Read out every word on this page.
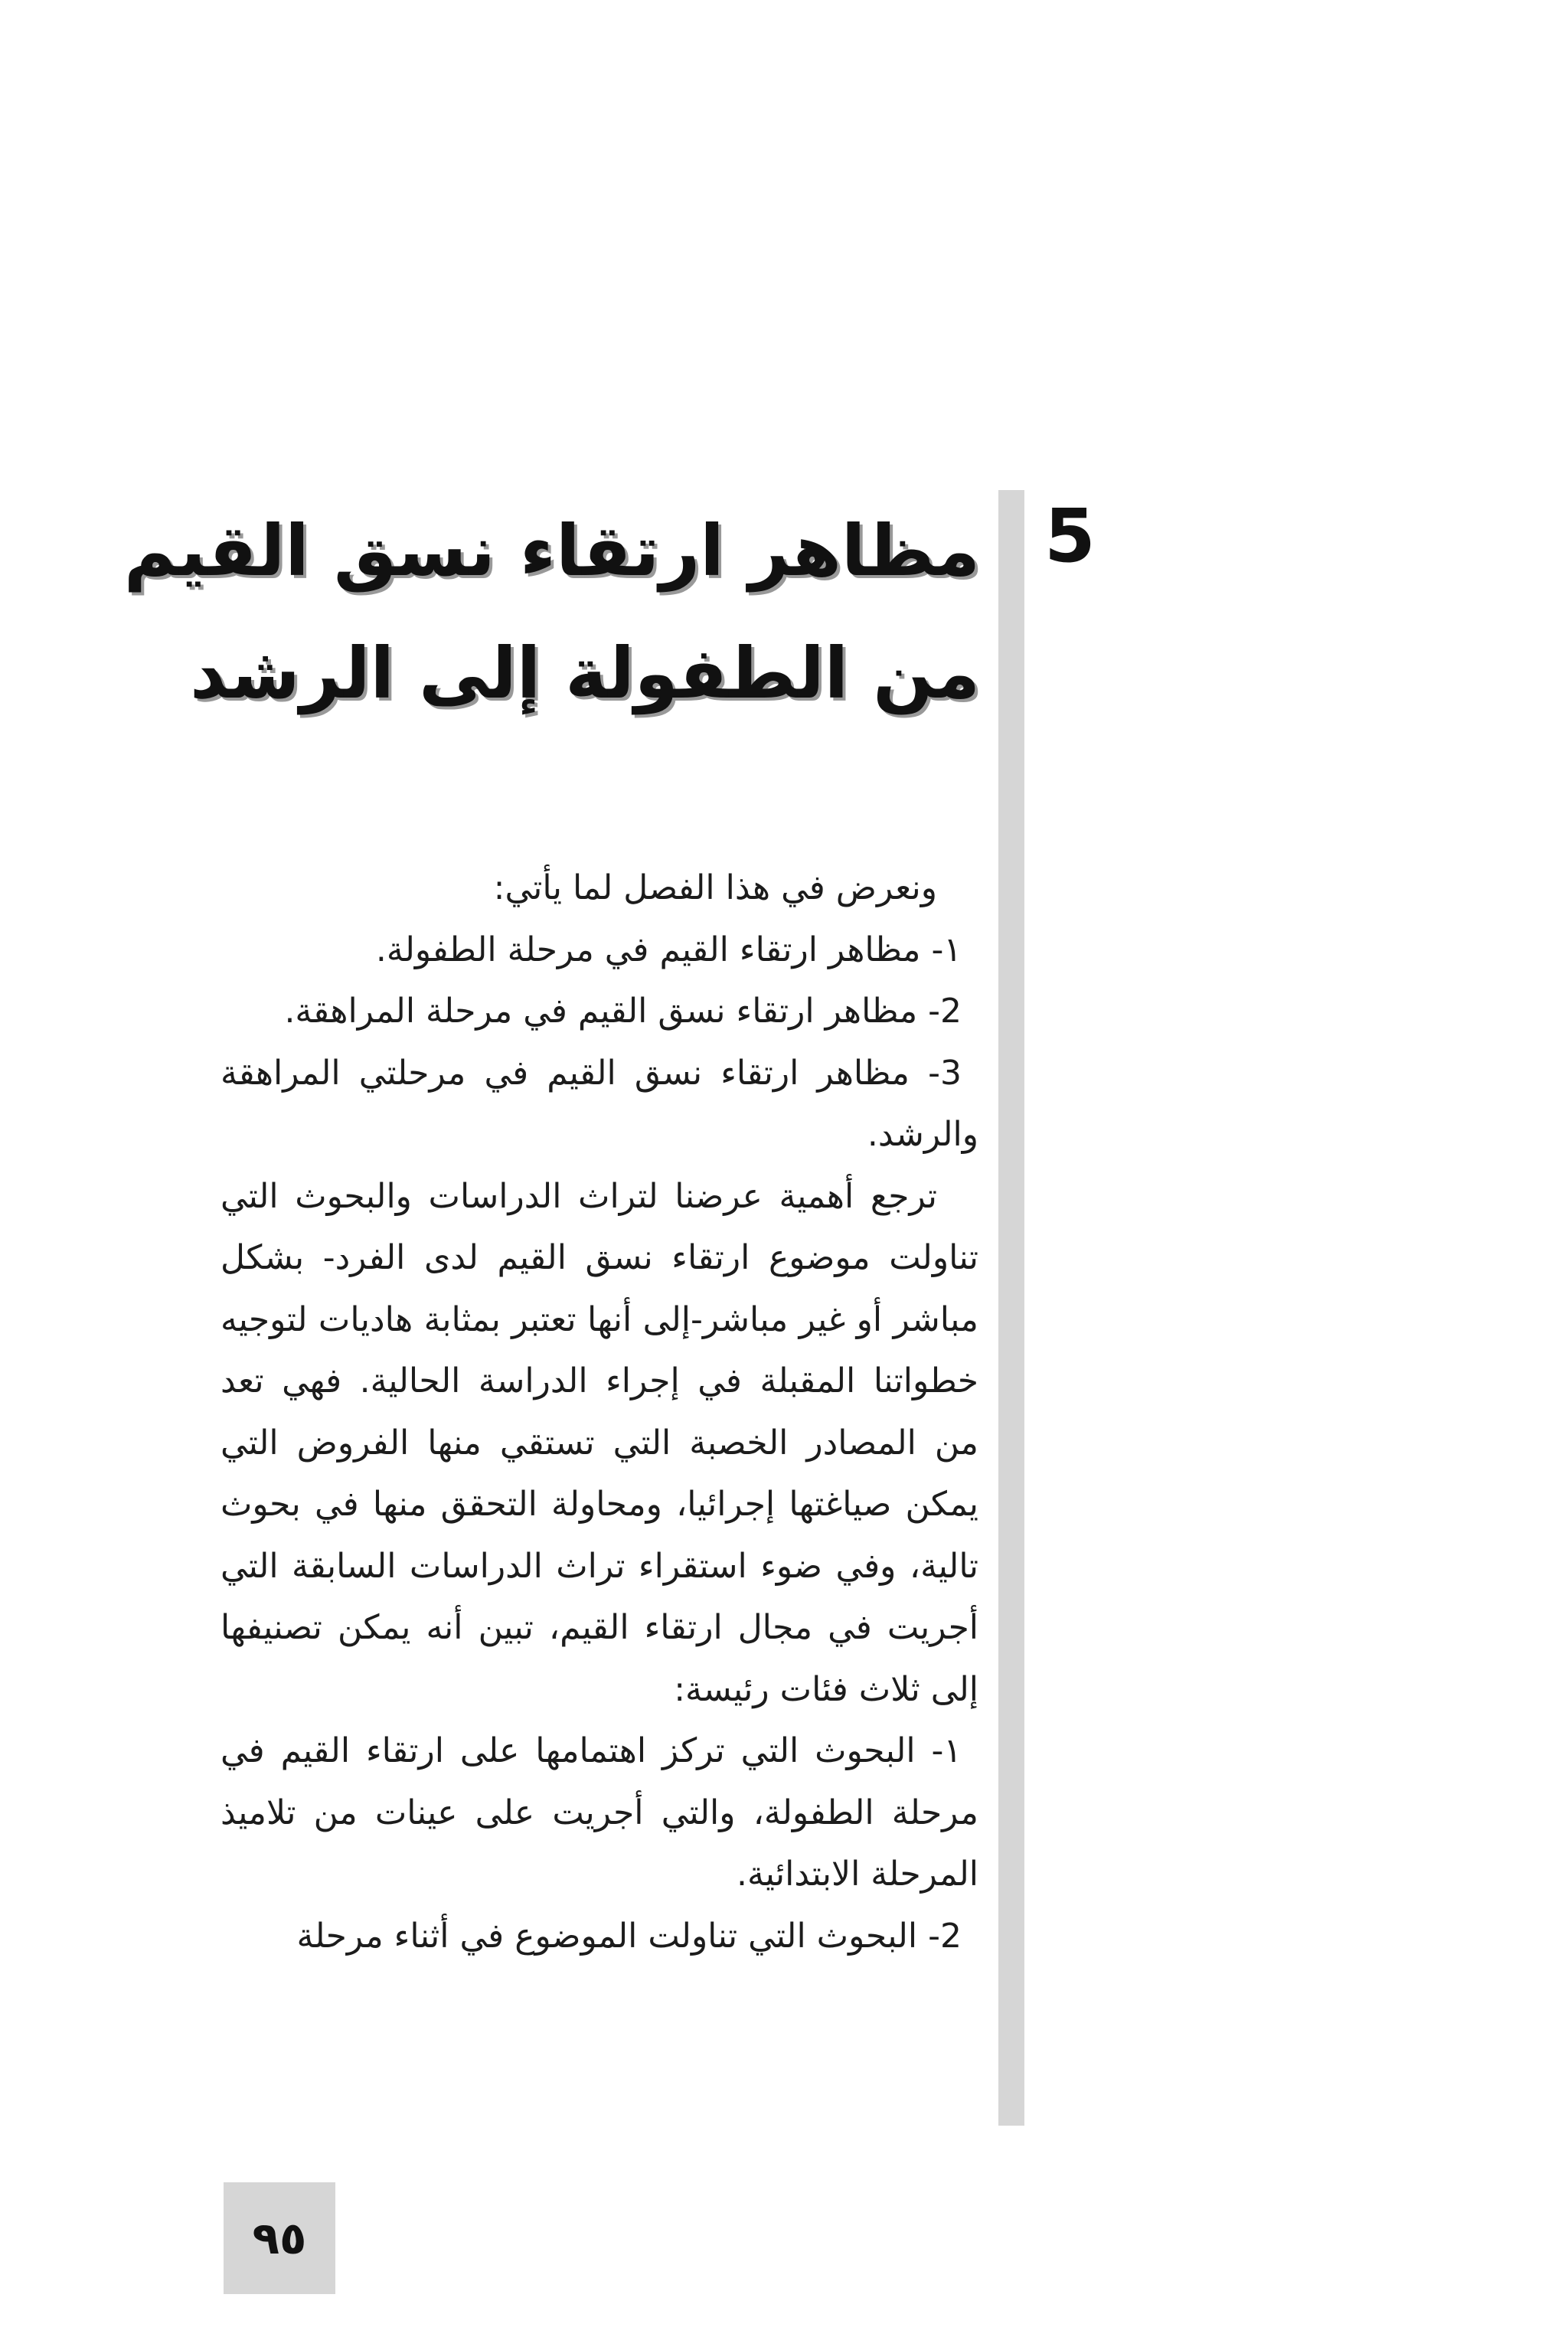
5
مظاهر ارتقاء نسق القيم
من الطفولة إلى الرشد

ونعرض في هذا الفصل لما يأتي:

١- مظاهر ارتقاء القيم في مرحلة الطفولة.

2- مظاهر ارتقاء نسق القيم في مرحلة المراهقة.

3- مظاهر ارتقاء نسق القيم في مرحلتي المراهقة والرشد.

ترجع أهمية عرضنا لتراث الدراسات والبحوث التي تناولت موضوع ارتقاء نسق القيم لدى الفرد- بشكل مباشر أو غير مباشر-إلى أنها تعتبر بمثابة هاديات لتوجيه خطواتنا المقبلة في إجراء الدراسة الحالية. فهي تعد من المصادر الخصبة التي تستقي منها الفروض التي يمكن صياغتها إجرائيا، ومحاولة التحقق منها في بحوث تالية، وفي ضوء استقراء تراث الدراسات السابقة التي أجريت في مجال ارتقاء القيم، تبين أنه يمكن تصنيفها إلى ثلاث فئات رئيسة:

١- البحوث التي تركز اهتمامها على ارتقاء القيم في مرحلة الطفولة، والتي أجريت على عينات من تلاميذ المرحلة الابتدائية.

2- البحوث التي تناولت الموضوع في أثناء مرحلة

٩٥
